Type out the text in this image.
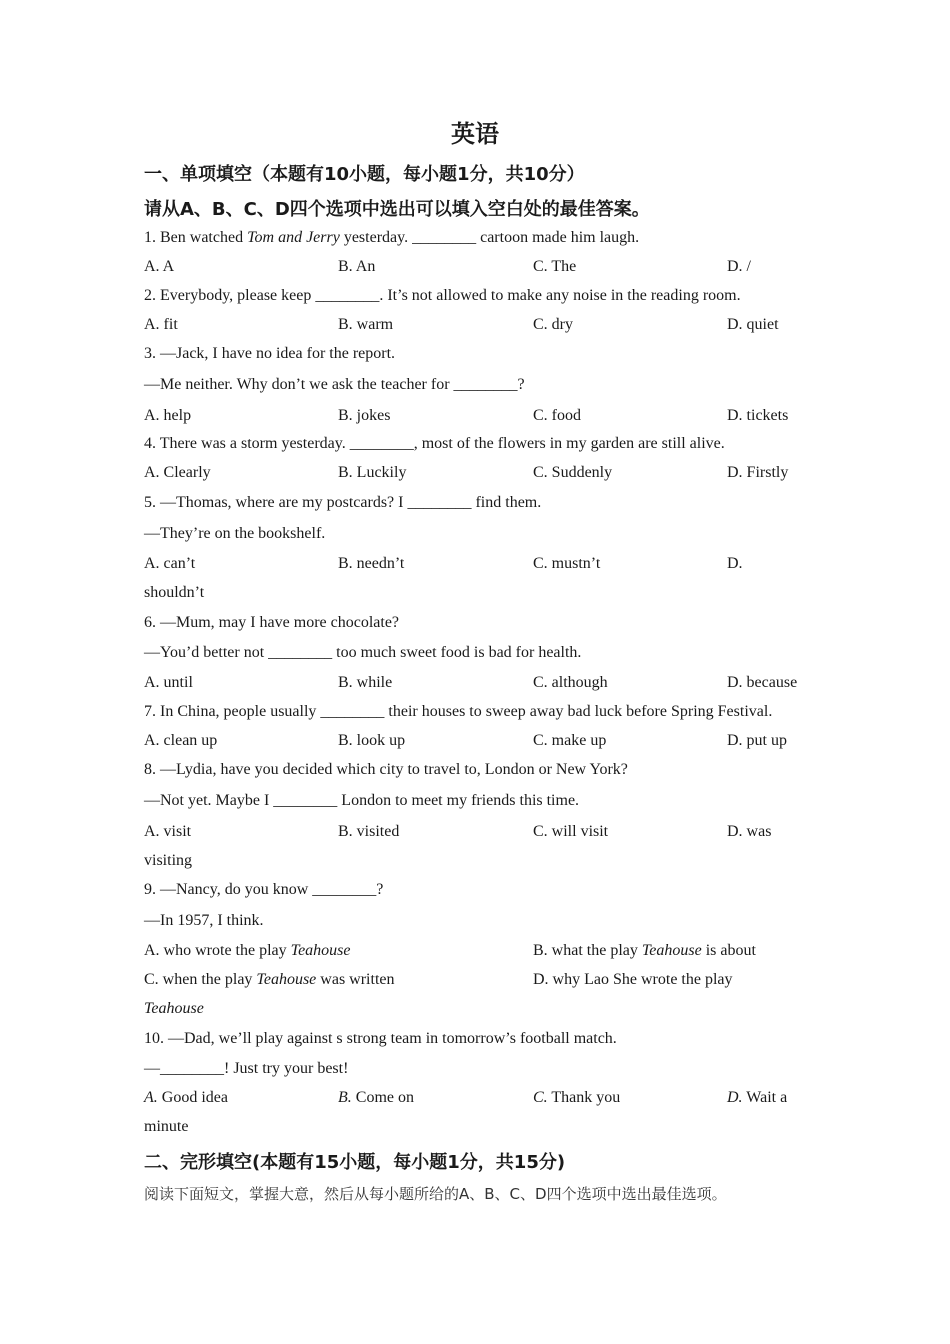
英语
一、单项填空（本题有10小题，每小题1分，共10分）
请从A、B、C、D四个选项中选出可以填入空白处的最佳答案。
1. Ben watched Tom and Jerry yesterday. ________ cartoon made him laugh.
A. A	B. An	C. The	D. /
2. Everybody, please keep ________. It’s not allowed to make any noise in the reading room.
A. fit	B. warm	C. dry	D. quiet
3. —Jack, I have no idea for the report.
—Me neither. Why don’t we ask the teacher for ________?
A. help	B. jokes	C. food	D. tickets
4. There was a storm yesterday. ________, most of the flowers in my garden are still alive.
A. Clearly	B. Luckily	C. Suddenly	D. Firstly
5. —Thomas, where are my postcards? I ________ find them.
—They’re on the bookshelf.
A. can’t	B. needn’t	C. mustn’t	D.
shouldn’t
6. —Mum, may I have more chocolate?
—You’d better not ________ too much sweet food is bad for health.
A. until	B. while	C. although	D. because
7. In China, people usually ________ their houses to sweep away bad luck before Spring Festival.
A. clean up	B. look up	C. make up	D. put up
8. —Lydia, have you decided which city to travel to, London or New York?
—Not yet. Maybe I ________ London to meet my friends this time.
A. visit	B. visited	C. will visit	D. was
visiting
9. —Nancy, do you know ________?
—In 1957, I think.
A. who wrote the play Teahouse	B. what the play Teahouse is about
C. when the play Teahouse was written	D. why Lao She wrote the play
Teahouse
10. —Dad, we’ll play against s strong team in tomorrow’s football match.
—________! Just try your best!
A. Good idea	B. Come on	C. Thank you	D. Wait a
minute
二、完形填空(本题有15小题，每小题1分，共15分)
阅读下面短文，掌握大意，然后从每小题所给的A、B、C、D四个选项中选出最佳选项。
